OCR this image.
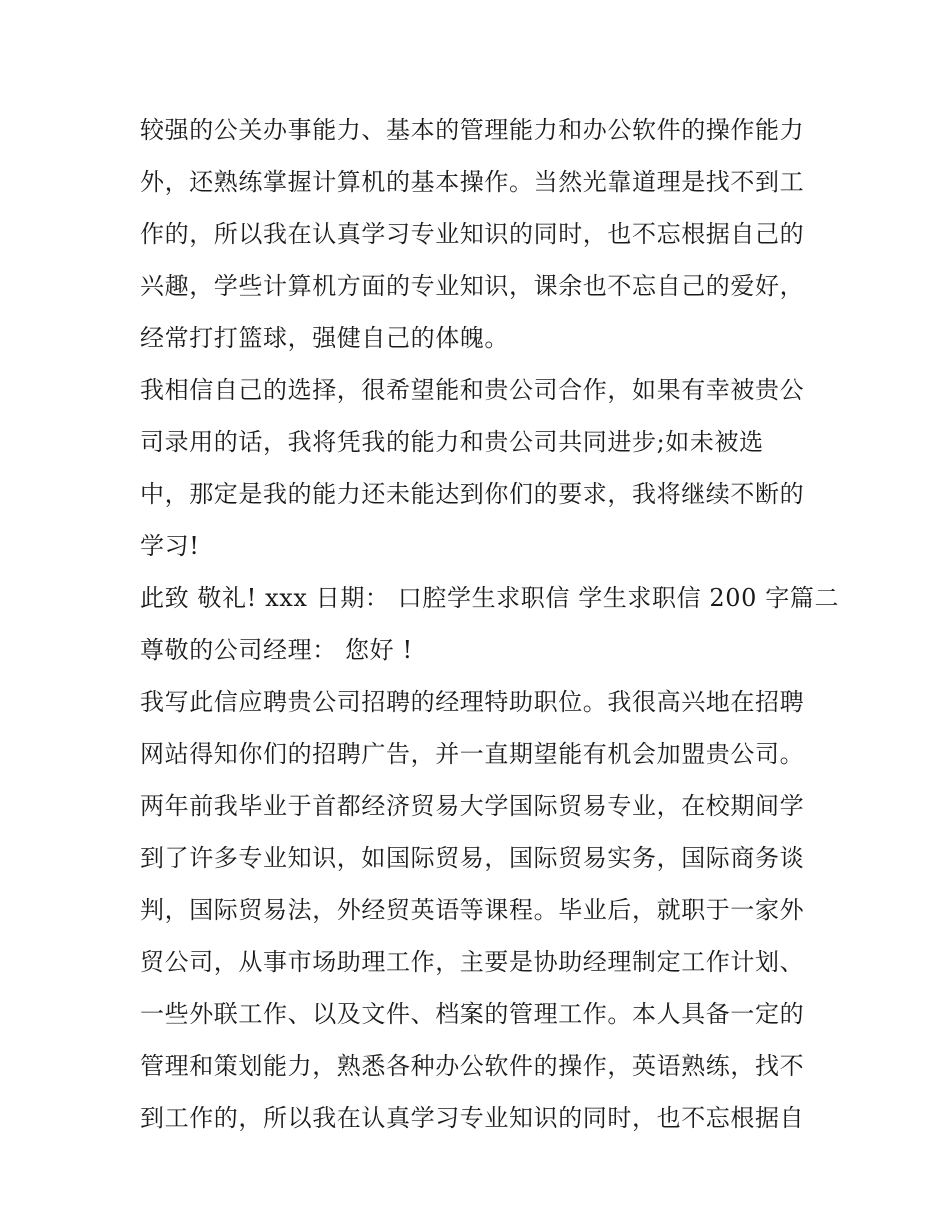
较强的公关办事能力、基本的管理能力和办公软件的操作能力
外，还熟练掌握计算机的基本操作。当然光靠道理是找不到工
作的，所以我在认真学习专业知识的同时，也不忘根据自己的
兴趣，学些计算机方面的专业知识，课余也不忘自己的爱好，
经常打打篮球，强健自己的体魄。
我相信自己的选择，很希望能和贵公司合作，如果有幸被贵公
司录用的话，我将凭我的能力和贵公司共同进步;如未被选
中，那定是我的能力还未能达到你们的要求，我将继续不断的
学习!
此致 敬礼! xxx 日期： 口腔学生求职信 学生求职信 200 字篇二
尊敬的公司经理： 您好 !
我写此信应聘贵公司招聘的经理特助职位。我很高兴地在招聘
网站得知你们的招聘广告，并一直期望能有机会加盟贵公司。
两年前我毕业于首都经济贸易大学国际贸易专业，在校期间学
到了许多专业知识，如国际贸易，国际贸易实务，国际商务谈
判，国际贸易法，外经贸英语等课程。毕业后，就职于一家外
贸公司，从事市场助理工作，主要是协助经理制定工作计划、
一些外联工作、以及文件、档案的管理工作。本人具备一定的
管理和策划能力，熟悉各种办公软件的操作，英语熟练，找不
到工作的，所以我在认真学习专业知识的同时，也不忘根据自
